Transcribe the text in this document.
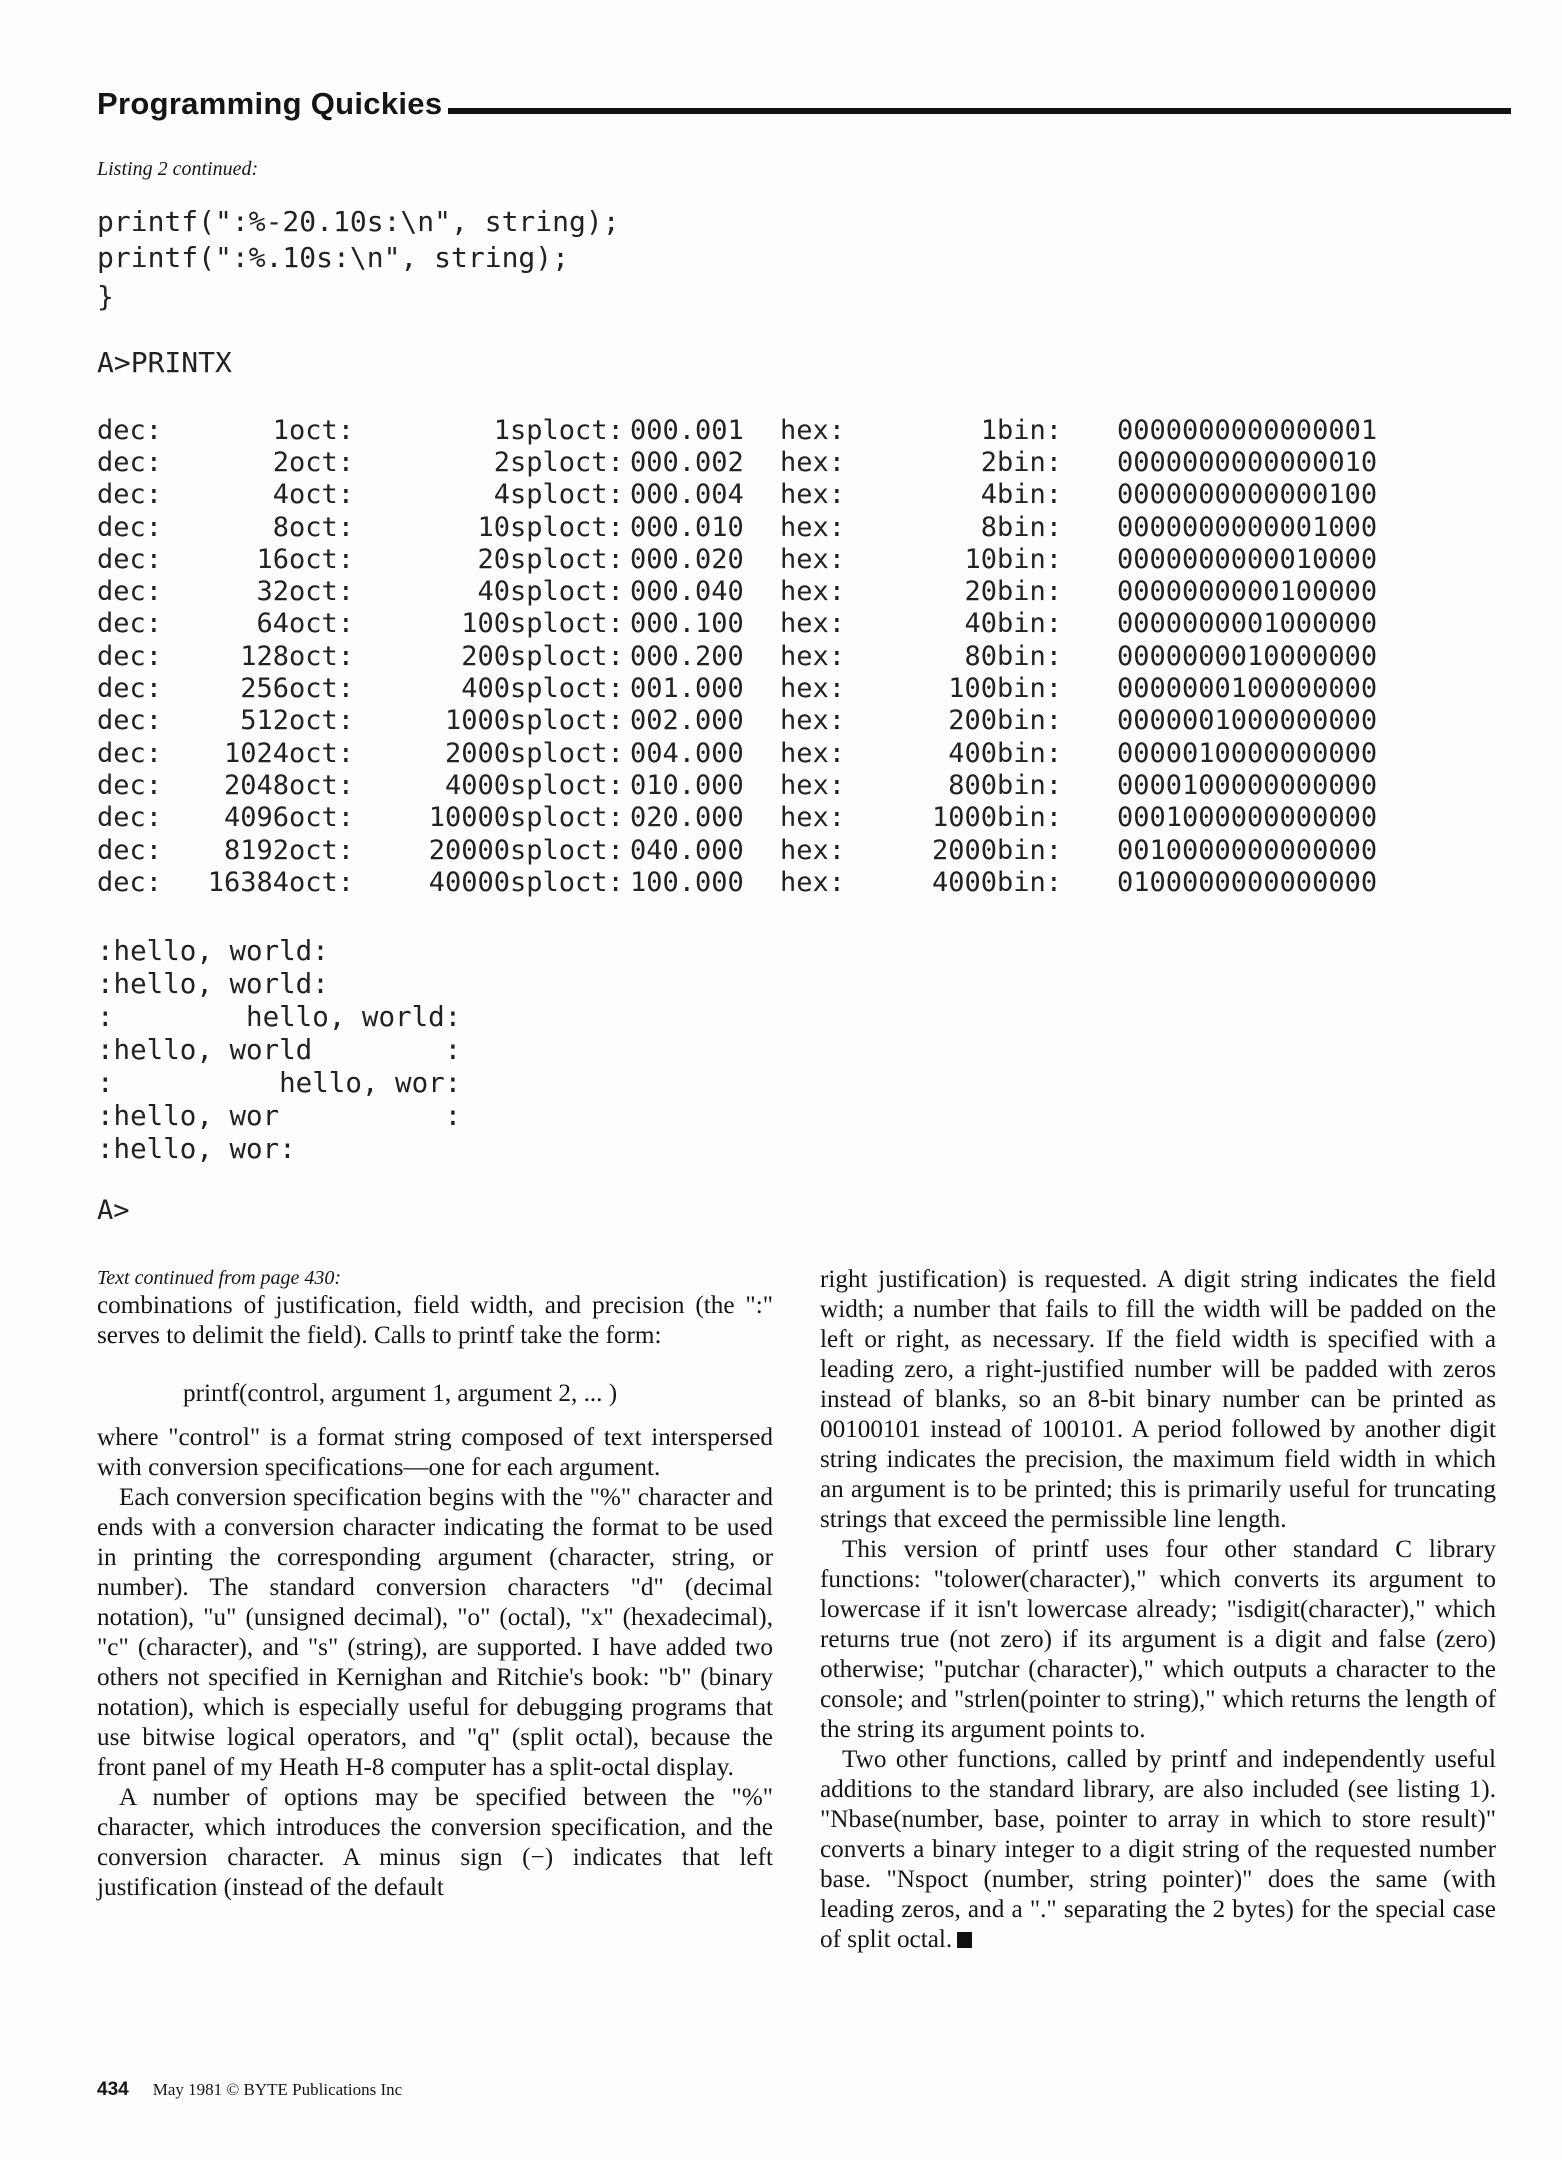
Programming Quickies
Listing 2 continued:
printf(":%-20.10s:\n", string);
printf(":%.10s:\n", string);
}
A>PRINTX
dec:	1 oct:	1 sploct: 000.001	hex:	1 bin:	0000000000000001
dec:	2 oct:	2 sploct: 000.002	hex:	2 bin:	0000000000000010
dec:	4 oct:	4 sploct: 000.004	hex:	4 bin:	0000000000000100
dec:	8 oct:	10 sploct: 000.010	hex:	8 bin:	0000000000001000
dec:	16 oct:	20 sploct: 000.020	hex:	10 bin:	0000000000010000
dec:	32 oct:	40 sploct: 000.040	hex:	20 bin:	0000000000100000
dec:	64 oct:	100 sploct: 000.100	hex:	40 bin:	0000000001000000
dec:	128 oct:	200 sploct: 000.200	hex:	80 bin:	0000000010000000
dec:	256 oct:	400 sploct: 001.000	hex:	100 bin:	0000000100000000
dec:	512 oct:	1000 sploct: 002.000	hex:	200 bin:	0000001000000000
dec:	1024 oct:	2000 sploct: 004.000	hex:	400 bin:	0000010000000000
dec:	2048 oct:	4000 sploct: 010.000	hex:	800 bin:	0000100000000000
dec:	4096 oct:	10000 sploct: 020.000	hex:	1000 bin:	0001000000000000
dec:	8192 oct:	20000 sploct: 040.000	hex:	2000 bin:	0010000000000000
dec:	16384 oct:	40000 sploct: 100.000	hex:	4000 bin:	0100000000000000
:hello, world:
:hello, world:
:        hello, world:
:hello, world        :
:          hello, wor:
:hello, wor          :
:hello, wor:
A>
Text continued from page 430:

combinations of justification, field width, and precision (the ":" serves to delimit the field). Calls to printf take the form:

printf(control, argument 1, argument 2, ... )

where "control" is a format string composed of text interspersed with conversion specifications—one for each argument.

Each conversion specification begins with the "%" character and ends with a conversion character indicating the format to be used in printing the corresponding argument (character, string, or number). The standard conversion characters "d" (decimal notation), "u" (unsigned decimal), "o" (octal), "x" (hexadecimal), "c" (character), and "s" (string), are supported. I have added two others not specified in Kernighan and Ritchie's book: "b" (binary notation), which is especially useful for debugging programs that use bitwise logical operators, and "q" (split octal), because the front panel of my Heath H-8 computer has a split-octal display.

A number of options may be specified between the "%" character, which introduces the conversion specification, and the conversion character. A minus sign (−) indicates that left justification (instead of the default

right justification) is requested. A digit string indicates the field width; a number that fails to fill the width will be padded on the left or right, as necessary. If the field width is specified with a leading zero, a right-justified number will be padded with zeros instead of blanks, so an 8-bit binary number can be printed as 00100101 instead of 100101. A period followed by another digit string indicates the precision, the maximum field width in which an argument is to be printed; this is primarily useful for truncating strings that exceed the permissible line length.

This version of printf uses four other standard C library functions: "tolower(character)," which converts its argument to lowercase if it isn't lowercase already; "isdigit(character)," which returns true (not zero) if its argument is a digit and false (zero) otherwise; "putchar (character)," which outputs a character to the console; and "strlen(pointer to string)," which returns the length of the string its argument points to.

Two other functions, called by printf and independently useful additions to the standard library, are also included (see listing 1). "Nbase(number, base, pointer to array in which to store result)" converts a binary integer to a digit string of the requested number base. "Nspoct (number, string pointer)" does the same (with leading zeros, and a "." separating the 2 bytes) for the special case of split octal.

434 May 1981 © BYTE Publications Inc
